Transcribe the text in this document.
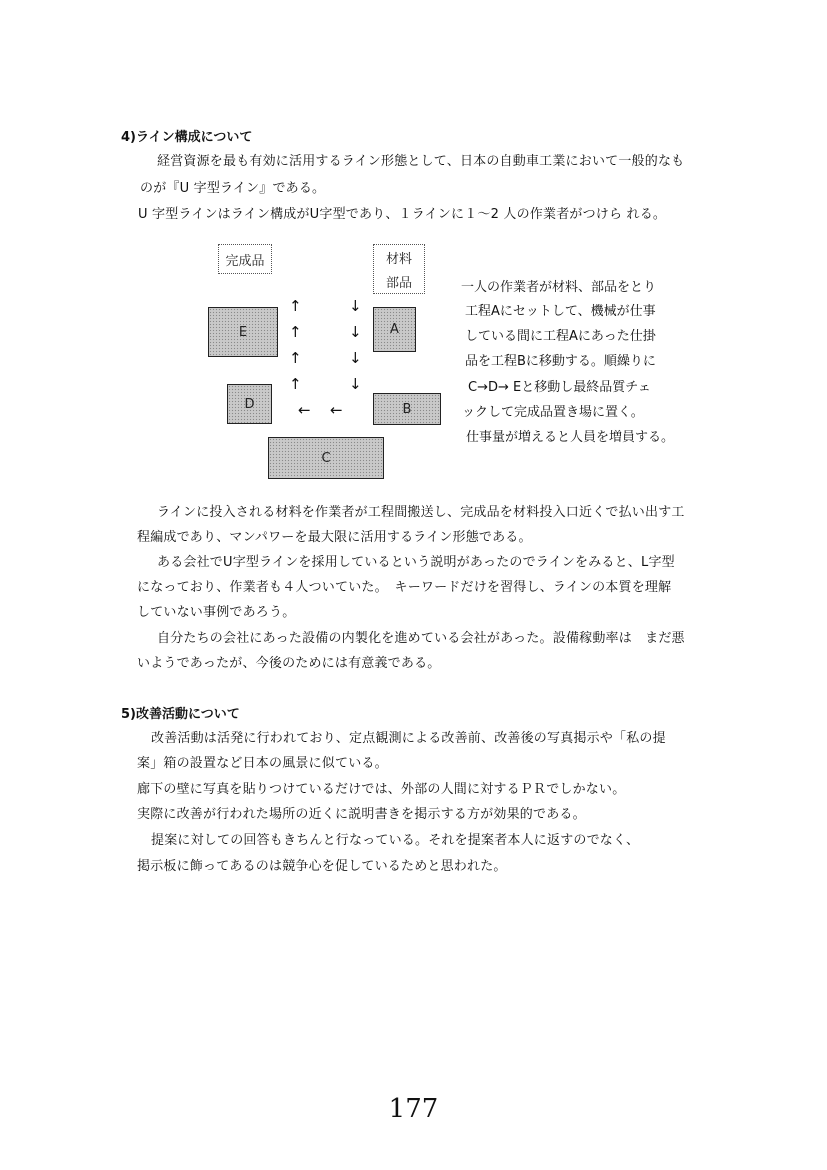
4)ライン構成について
経営資源を最も有効に活用するライン形態として、日本の自動車工業において一般的なも
のが『U 字型ライン』である。
U 字型ラインはライン構成がU字型であり、１ラインに１～2 人の作業者がつけら れる。
完成品	材料
部品
E	A
D	B
C
↑
↑
↑
↑
↓
↓
↓
↓
← ←
一人の作業者が材料、部品をとり
工程Aにセットして、機械が仕事
している間に工程Aにあった仕掛
品を工程Bに移動する。順繰りに
C→D→ Eと移動し最終品質チェ
ックして完成品置き場に置く。
仕事量が増えると人員を増員する。
ラインに投入される材料を作業者が工程間搬送し、完成品を材料投入口近くで払い出す工
程編成であり、マンパワーを最大限に活用するライン形態である。
ある会社でU字型ラインを採用しているという説明があったのでラインをみると、L字型
になっており、作業者も４人ついていた。　キーワードだけを習得し、ラインの本質を理解
していない事例であろう。
自分たちの会社にあった設備の内製化を進めている会社があった。設備稼動率は　まだ悪
いようであったが、今後のためには有意義である。
5)改善活動について
改善活動は活発に行われており、定点観測による改善前、改善後の写真掲示や「私の提
案」箱の設置など日本の風景に似ている。
廊下の壁に写真を貼りつけているだけでは、外部の人間に対するＰＲでしかない。
実際に改善が行われた場所の近くに説明書きを掲示する方が効果的である。
提案に対しての回答もきちんと行なっている。それを提案者本人に返すのでなく、
掲示板に飾ってあるのは競争心を促しているためと思われた。
177
